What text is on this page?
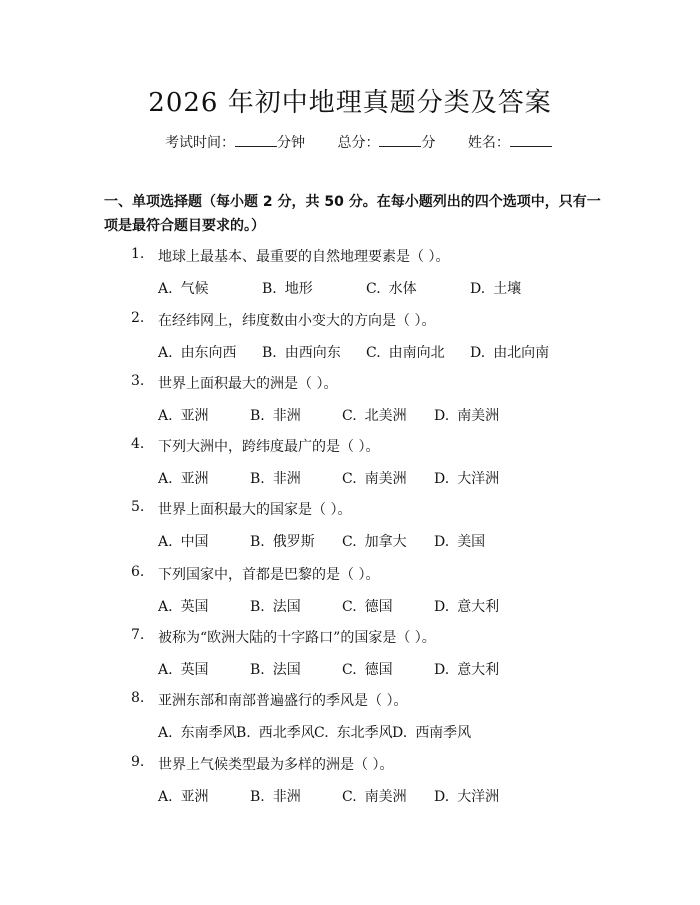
2026 年初中地理真题分类及答案
考试时间：	分钟 总分：	分 姓名：
一、单项选择题（每小题 2 分，共 50 分。在每小题列出的四个选项中，只有一项是最符合题目要求的。）
1. 地球上最基本、最重要的自然地理要素是（ ）。
A. 气候	B. 地形	C. 水体	D. 土壤
2. 在经纬网上，纬度数由小变大的方向是（ ）。
A. 由东向西 B. 由西向东 C. 由南向北 D. 由北向南
3. 世界上面积最大的洲是（ ）。
A. 亚洲	B. 非洲	C. 北美洲 D. 南美洲
4. 下列大洲中，跨纬度最广的是（ ）。
A. 亚洲	B. 非洲	C. 南美洲 D. 大洋洲
5. 世界上面积最大的国家是（ ）。
A. 中国	B. 俄罗斯 C. 加拿大 D. 美国
6. 下列国家中，首都是巴黎的是（ ）。
A. 英国	B. 法国	C. 德国	D. 意大利
7. 被称为“欧洲大陆的十字路口”的国家是（ ）。
A. 英国	B. 法国	C. 德国	D. 意大利
8. 亚洲东部和南部普遍盛行的季风是（ ）。
A. 东南季风B. 西北季风C. 东北季风D. 西南季风
9. 世界上气候类型最为多样的洲是（ ）。
A. 亚洲	B. 非洲	C. 南美洲 D. 大洋洲
